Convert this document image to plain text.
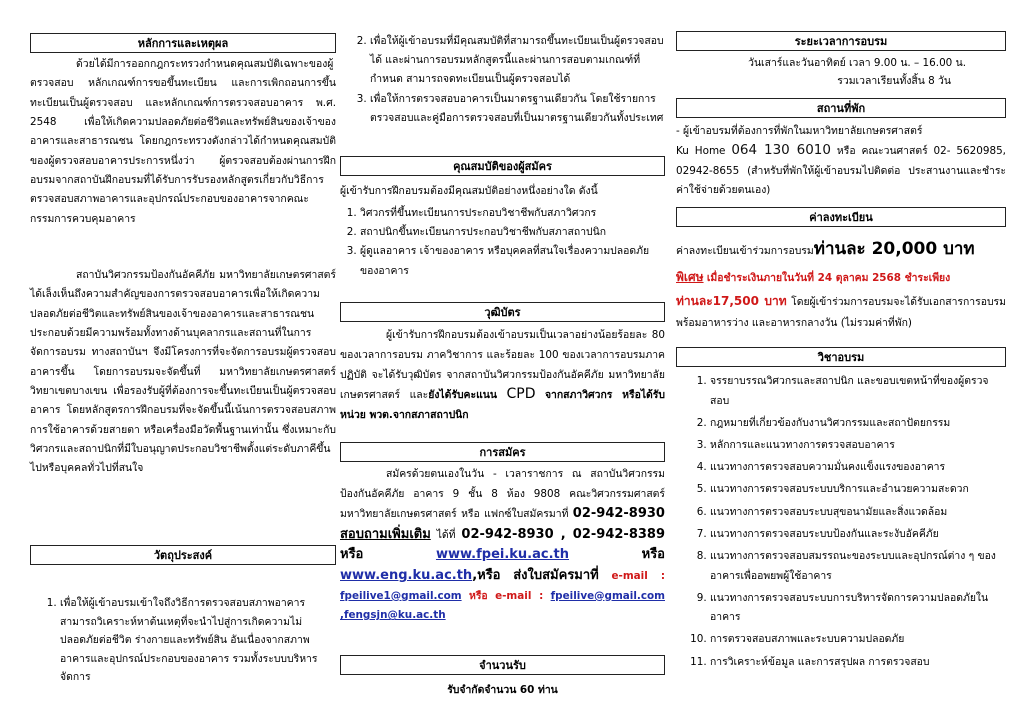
หลักการและเหตุผล

ด้วยได้มีการออกกฎกระทรวงกำหนดคุณสมบัติเฉพาะของผู้ตรวจสอบ หลักเกณฑ์การขอขึ้นทะเบียน และการเพิกถอนการขึ้นทะเบียนเป็นผู้ตรวจสอบ และหลักเกณฑ์การตรวจสอบอาคาร พ.ศ. 2548 เพื่อให้เกิดความปลอดภัยต่อชีวิตและทรัพย์สินของเจ้าของอาคารและสาธารณชน โดยกฎกระทรวงดังกล่าวได้กำหนดคุณสมบัติของผู้ตรวจสอบอาคารประการหนึ่งว่า ผู้ตรวจสอบต้องผ่านการฝึกอบรมจากสถาบันฝึกอบรมที่ได้รับการรับรองหลักสูตรเกี่ยวกับวิธีการตรวจสอบสภาพอาคารและอุปกรณ์ประกอบของอาคารจากคณะกรรมการควบคุมอาคาร

สถาบันวิศวกรรมป้องกันอัคคีภัย มหาวิทยาลัยเกษตรศาสตร์ ได้เล็งเห็นถึงความสำคัญของการตรวจสอบอาคารเพื่อให้เกิดความปลอดภัยต่อชีวิตและทรัพย์สินของเจ้าของอาคารและสาธารณชน ประกอบด้วยมีความพร้อมทั้งทางด้านบุคลากรและสถานที่ในการจัดการอบรม ทางสถาบันฯ จึงมีโครงการที่จะจัดการอบรมผู้ตรวจสอบอาคารขึ้น โดยการอบรมจะจัดขึ้นที่ มหาวิทยาลัยเกษตรศาสตร์ วิทยาเขตบางเขน เพื่อรองรับผู้ที่ต้องการจะขึ้นทะเบียนเป็นผู้ตรวจสอบอาคาร โดยหลักสูตรการฝึกอบรมที่จะจัดขึ้นนี้เน้นการตรวจสอบสภาพการใช้อาคารด้วยสายตา หรือเครื่องมือวัดพื้นฐานเท่านั้น ซึ่งเหมาะกับวิศวกรและสถาปนิกที่มีใบอนุญาตประกอบวิชาชีพตั้งแต่ระดับภาคีขึ้นไปหรือบุคคลทั่วไปที่สนใจ

วัตถุประสงค์
1. เพื่อให้ผู้เข้าอบรมเข้าใจถึงวิธีการตรวจสอบสภาพอาคาร สามารถวิเคราะห์หาต้นเหตุที่จะนำไปสู่การเกิดความไม่ปลอดภัยต่อชีวิต ร่างกายและทรัพย์สิน อันเนื่องจากสภาพอาคารและอุปกรณ์ประกอบของอาคาร รวมทั้งระบบบริหารจัดการ
2. เพื่อให้ผู้เข้าอบรมที่มีคุณสมบัติที่สามารถขึ้นทะเบียนเป็นผู้ตรวจสอบได้ และผ่านการอบรมหลักสูตรนี้และผ่านการสอบตามเกณฑ์ที่กำหนด สามารถจดทะเบียนเป็นผู้ตรวจสอบได้
3. เพื่อให้การตรวจสอบอาคารเป็นมาตรฐานเดียวกัน โดยใช้รายการตรวจสอบและคู่มือการตรวจสอบที่เป็นมาตรฐานเดียวกันทั้งประเทศ
คุณสมบัติของผู้สมัคร

ผู้เข้ารับการฝึกอบรมต้องมีคุณสมบัติอย่างหนึ่งอย่างใด ดังนี้

1. วิศวกรที่ขึ้นทะเบียนการประกอบวิชาชีพกับสภาวิศวกร
2. สถาปนิกขึ้นทะเบียนการประกอบวิชาชีพกับสภาสถาปนิก
3. ผู้ดูแลอาคาร เจ้าของอาคาร หรือบุคคลที่สนใจเรื่องความปลอดภัยของอาคาร
วุฒิบัตร

ผู้เข้ารับการฝึกอบรมต้องเข้าอบรมเป็นเวลาอย่างน้อยร้อยละ 80 ของเวลาการอบรม ภาควิชาการ และร้อยละ 100 ของเวลาการอบรมภาคปฏิบัติ จะได้รับวุฒิบัตร จากสถาบันวิศวกรรมป้องกันอัคคีภัย มหาวิทยาลัยเกษตรศาสตร์ และยังได้รับคะแนน CPD จากสภาวิศวกร หรือได้รับหน่วย พวต.จากสภาสถาปนิก

การสมัคร

สมัครด้วยตนเองในวัน - เวลาราชการ ณ สถาบันวิศวกรรมป้องกันอัคคีภัย อาคาร 9 ชั้น 8 ห้อง 9808 คณะวิศวกรรมศาสตร์ มหาวิทยาลัยเกษตรศาสตร์ หรือ แฟกซ์ใบสมัครมาที่ 02-942-8930 สอบถามเพิ่มเติม ได้ที่ 02-942-8930 , 02-942-8389 หรือ	www.fpei.ku.ac.th	หรือ www.eng.ku.ac.th,หรือ ส่งใบสมัครมาที่ e-mail : fpeilive1@gmail.com หรือ e-mail : fpeilive@gmail.com ,fengsjn@ku.ac.th

จำนวนรับ

รับจำกัดจำนวน 60 ท่าน

ระยะเวลาการอบรม

วันเสาร์และวันอาทิตย์ เวลา 9.00 น. – 16.00 น.

รวมเวลาเรียนทั้งสิ้น 8 วัน

สถานที่พัก

- ผู้เข้าอบรมที่ต้องการที่พักในมหาวิทยาลัยเกษตรศาสตร์
Ku Home 064 130 6010 หรือ คณะวนศาสตร์ 02- 5620985, 02942-8655 (สำหรับที่พักให้ผู้เข้าอบรมไปติดต่อ ประสานงานและชำระค่าใช้จ่ายด้วยตนเอง)

ค่าลงทะเบียน

ค่าลงทะเบียนเข้าร่วมการอบรมท่านละ 20,000 บาท

พิเศษ เมื่อชำระเงินภายในวันที่ 24 ตุลาคม 2568 ชำระเพียง

ท่านละ17,500 บาท โดยผู้เข้าร่วมการอบรมจะได้รับเอกสารการอบรม พร้อมอาหารว่าง และอาหารกลางวัน (ไม่รวมค่าที่พัก)

วิชาอบรม
1. จรรยาบรรณวิศวกรและสถาปนิก และขอบเขตหน้าที่ของผู้ตรวจสอบ
2. กฎหมายที่เกี่ยวข้องกับงานวิศวกรรมและสถาปัตยกรรม
3. หลักการและแนวทางการตรวจสอบอาคาร
4. แนวทางการตรวจสอบความมั่นคงแข็งแรงของอาคาร
5. แนวทางการตรวจสอบระบบบริการและอำนวยความสะดวก
6. แนวทางการตรวจสอบระบบสุขอนามัยและสิ่งแวดล้อม
7. แนวทางการตรวจสอบระบบป้องกันและระงับอัคคีภัย
8. แนวทางการตรวจสอบสมรรถนะของระบบและอุปกรณ์ต่าง ๆ ของอาคารเพื่ออพยพผู้ใช้อาคาร
9. แนวทางการตรวจสอบระบบการบริหารจัดการความปลอดภัยในอาคาร
10. การตรวจสอบสภาพและระบบความปลอดภัย
11. การวิเคราะห์ข้อมูล และการสรุปผล การตรวจสอบ
